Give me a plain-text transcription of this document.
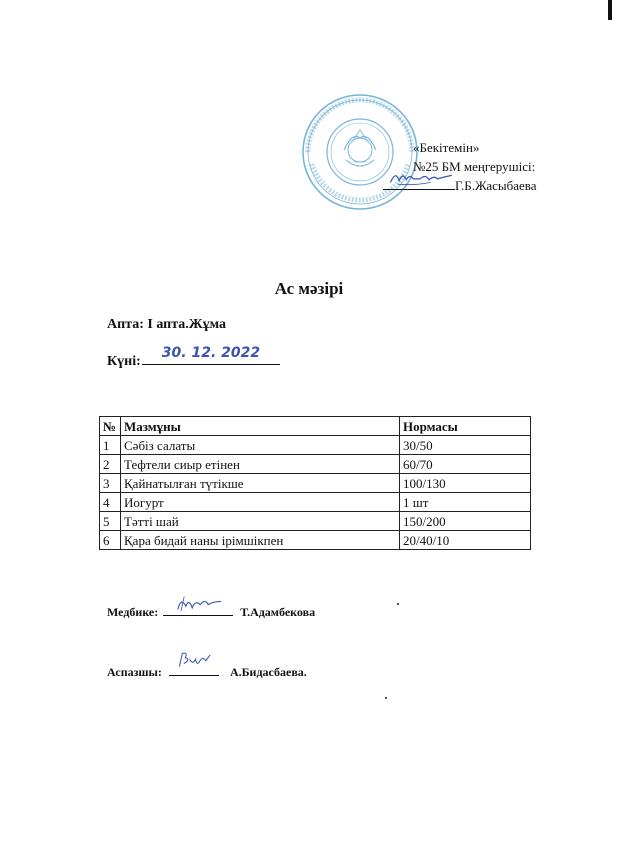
«Бекітемін»
№25 БМ меңгерушісі:
Г.Б.Жасыбаева
Ас мәзірі
Апта: І апта.Жұма
Күні:
30. 12. 2022
№	Мазмұны	Нормасы
1	Сәбіз салаты	30/50
2	Тефтели сиыр етінен	60/70
3	Қайнатылған түтікше	100/130
4	Иогурт	1 шт
5	Тәтті шай	150/200
6	Қара бидай наны ірімшікпен	20/40/10
Медбике:	Т.Адамбекова
Аспазшы:	А.Бидасбаева.
